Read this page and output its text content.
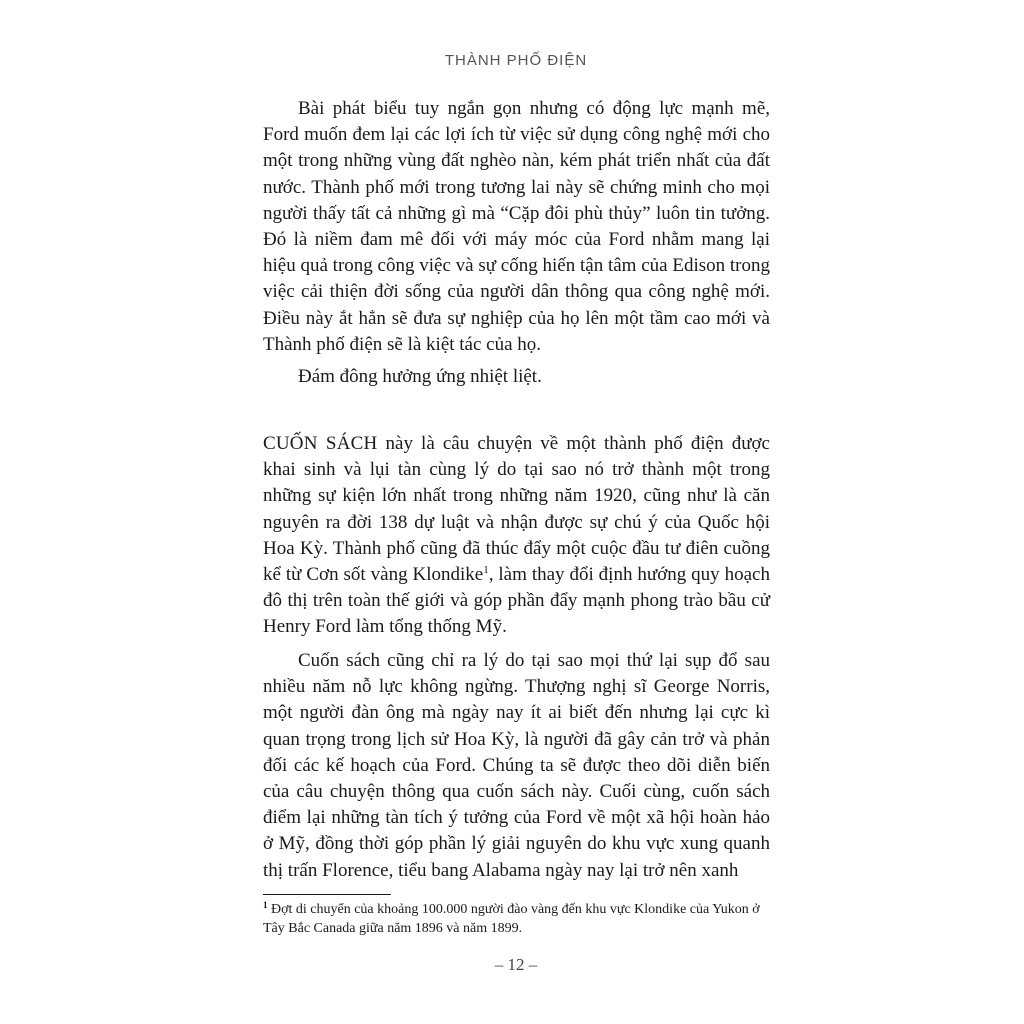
THÀNH PHỐ ĐIỆN

Bài phát biểu tuy ngắn gọn nhưng có động lực mạnh mẽ, Ford muốn đem lại các lợi ích từ việc sử dụng công nghệ mới cho một trong những vùng đất nghèo nàn, kém phát triển nhất của đất nước. Thành phố mới trong tương lai này sẽ chứng minh cho mọi người thấy tất cả những gì mà “Cặp đôi phù thủy” luôn tin tưởng. Đó là niềm đam mê đối với máy móc của Ford nhằm mang lại hiệu quả trong công việc và sự cống hiến tận tâm của Edison trong việc cải thiện đời sống của người dân thông qua công nghệ mới. Điều này ắt hẳn sẽ đưa sự nghiệp của họ lên một tầm cao mới và Thành phố điện sẽ là kiệt tác của họ.

Đám đông hưởng ứng nhiệt liệt.

CUỐN SÁCH này là câu chuyện về một thành phố điện được khai sinh và lụi tàn cùng lý do tại sao nó trở thành một trong những sự kiện lớn nhất trong những năm 1920, cũng như là căn nguyên ra đời 138 dự luật và nhận được sự chú ý của Quốc hội Hoa Kỳ. Thành phố cũng đã thúc đẩy một cuộc đầu tư điên cuồng kể từ Cơn sốt vàng Klondike$^1$, làm thay đổi định hướng quy hoạch đô thị trên toàn thế giới và góp phần đẩy mạnh phong trào bầu cử Henry Ford làm tổng thống Mỹ.

Cuốn sách cũng chỉ ra lý do tại sao mọi thứ lại sụp đổ sau nhiều năm nỗ lực không ngừng. Thượng nghị sĩ George Norris, một người đàn ông mà ngày nay ít ai biết đến nhưng lại cực kì quan trọng trong lịch sử Hoa Kỳ, là người đã gây cản trở và phản đối các kế hoạch của Ford. Chúng ta sẽ được theo dõi diễn biến của câu chuyện thông qua cuốn sách này. Cuối cùng, cuốn sách điểm lại những tàn tích ý tưởng của Ford về một xã hội hoàn hảo ở Mỹ, đồng thời góp phần lý giải nguyên do khu vực xung quanh thị trấn Florence, tiểu bang Alabama ngày nay lại trở nên xanh

$^1$ Đợt di chuyển của khoảng 100.000 người đào vàng đến khu vực Klondike của Yukon ở Tây Bắc Canada giữa năm 1896 và năm 1899.

– 12 –
